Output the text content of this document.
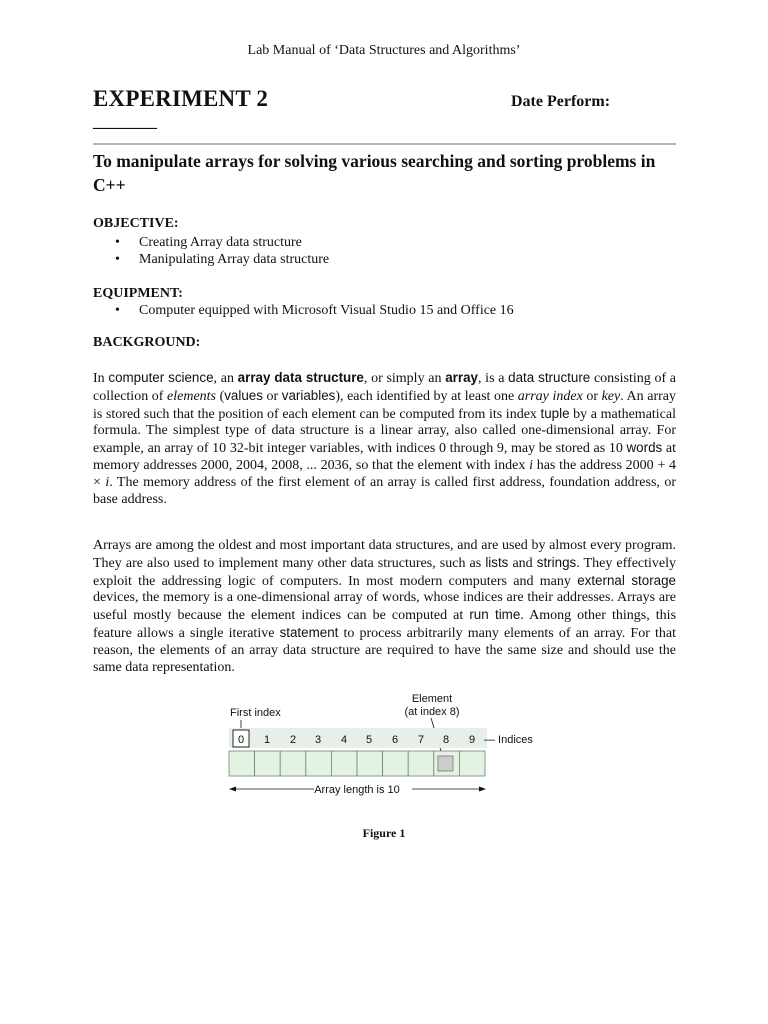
Lab Manual of ‘Data Structures and Algorithms’
EXPERIMENT 2	Date Perform:
________
To manipulate arrays for solving various searching and sorting problems in C++
OBJECTIVE:
• Creating Array data structure
• Manipulating Array data structure
EQUIPMENT:
• Computer equipped with Microsoft Visual Studio 15 and Office 16
BACKGROUND:

In computer science, an array data structure, or simply an array, is a data structure consisting of a collection of elements (values or variables), each identified by at least one array index or key. An array is stored such that the position of each element can be computed from its index tuple by a mathematical formula. The simplest type of data structure is a linear array, also called one-dimensional array. For example, an array of 10 32-bit integer variables, with indices 0 through 9, may be stored as 10 words at memory addresses 2000, 2004, 2008, ... 2036, so that the element with index i has the address 2000 + 4 × i. The memory address of the first element of an array is called first address, foundation address, or base address.

Arrays are among the oldest and most important data structures, and are used by almost every program. They are also used to implement many other data structures, such as lists and strings. They effectively exploit the addressing logic of computers. In most modern computers and many external storage devices, the memory is a one-dimensional array of words, whose indices are their addresses. Arrays are useful mostly because the element indices can be computed at run time. Among other things, this feature allows a single iterative statement to process arbitrarily many elements of an array. For that reason, the elements of an array data structure are required to have the same size and should use the same data representation.

First index
Element
(at index 8)
0 1 2 3 4 5 6 7 8 9 — Indices
Array length is 10
Figure 1
